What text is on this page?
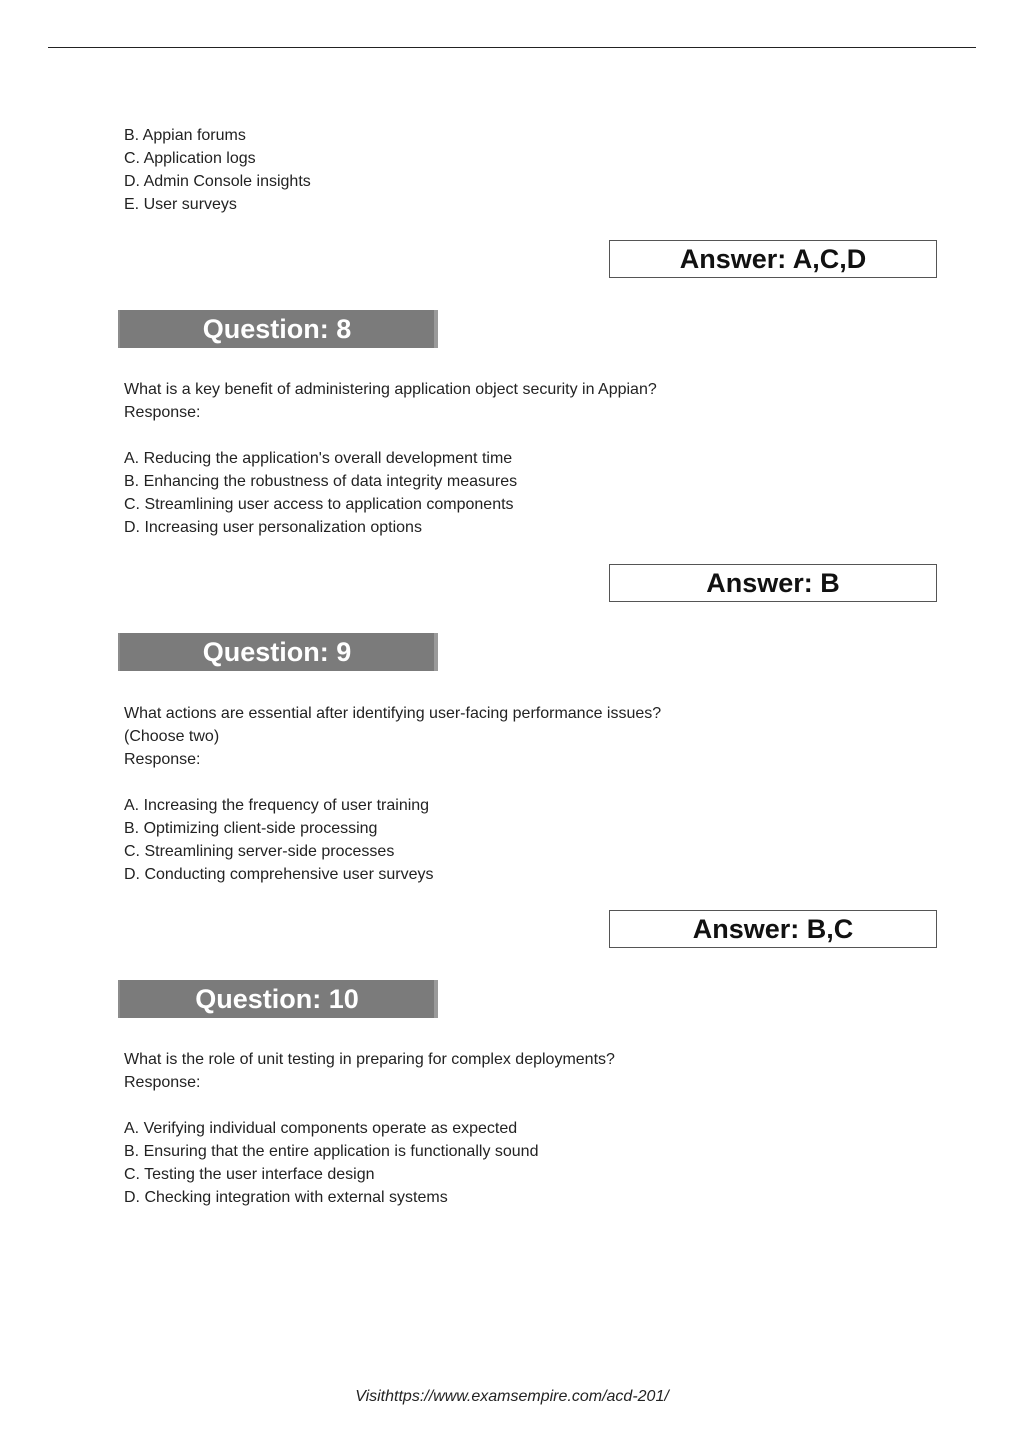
B. Appian forums
C. Application logs
D. Admin Console insights
E. User surveys
Answer: A,C,D
Question: 8
What is a key benefit of administering application object security in Appian?
Response:
A. Reducing the application's overall development time
B. Enhancing the robustness of data integrity measures
C. Streamlining user access to application components
D. Increasing user personalization options
Answer: B
Question: 9
What actions are essential after identifying user-facing performance issues?
(Choose two)
Response:
A. Increasing the frequency of user training
B. Optimizing client-side processing
C. Streamlining server-side processes
D. Conducting comprehensive user surveys
Answer: B,C
Question: 10
What is the role of unit testing in preparing for complex deployments?
Response:
A. Verifying individual components operate as expected
B. Ensuring that the entire application is functionally sound
C. Testing the user interface design
D. Checking integration with external systems
Visithttps://www.examsempire.com/acd-201/
